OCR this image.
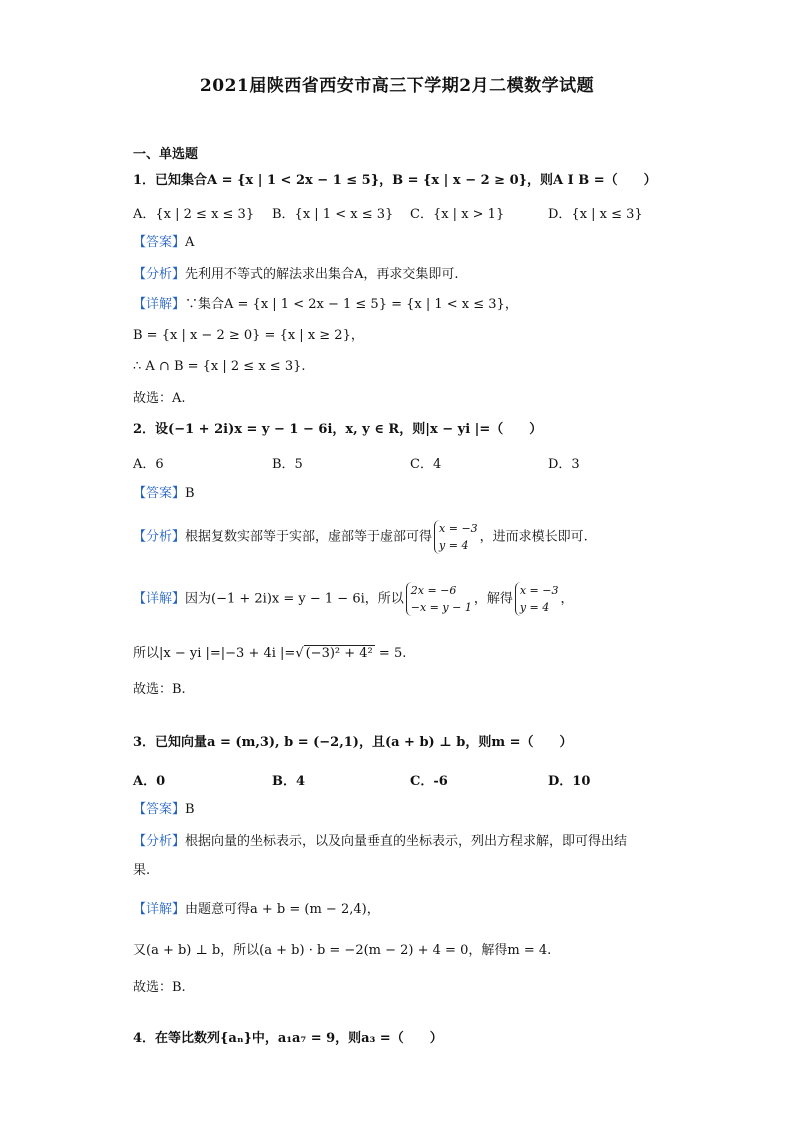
2021届陕西省西安市高三下学期2月二模数学试题
一、单选题
1．已知集合A = {x | 1 < 2x − 1 ≤ 5}，B = {x | x − 2 ≥ 0}，则A I B =（　　）
A．{x | 2 ≤ x ≤ 3} B．{x | 1 < x ≤ 3} C．{x | x > 1}	D．{x | x ≤ 3}
【答案】A
【分析】先利用不等式的解法求出集合A，再求交集即可.
【详解】∵集合A = {x | 1 < 2x − 1 ≤ 5} = {x | 1 < x ≤ 3}，
B = {x | x − 2 ≥ 0} = {x | x ≥ 2}，
∴ A ∩ B = {x | 2 ≤ x ≤ 3}.
故选：A.
2．设(−1 + 2i)x = y − 1 − 6i，x, y ∈ R，则|x − yi |=（　　）
A．6	B．5	C．4	D．3
【答案】B
【分析】根据复数实部等于实部，虚部等于虚部可得
x = −3
y = 4
，进而求模长即可.
【详解】因为(−1 + 2i)x = y − 1 − 6i，所以
2x = −6
−x = y − 1
，解得
x = −3
y = 4
，
所以|x − yi |=|−3 + 4i |=√ (−3)² + 4² = 5.
故选：B.
3．已知向量a = (m,3), b = (−2,1)，且(a + b) ⊥ b，则m =（　　）
A．0	B．4	C．-6	D．10
【答案】B
【分析】根据向量的坐标表示，以及向量垂直的坐标表示，列出方程求解，即可得出结
果.
【详解】由题意可得a + b = (m − 2,4)，
又(a + b) ⊥ b，所以(a + b) · b = −2(m − 2) + 4 = 0，解得m = 4.
故选：B.
4．在等比数列{aₙ}中，a₁a₇ = 9，则a₃ =（　　）
